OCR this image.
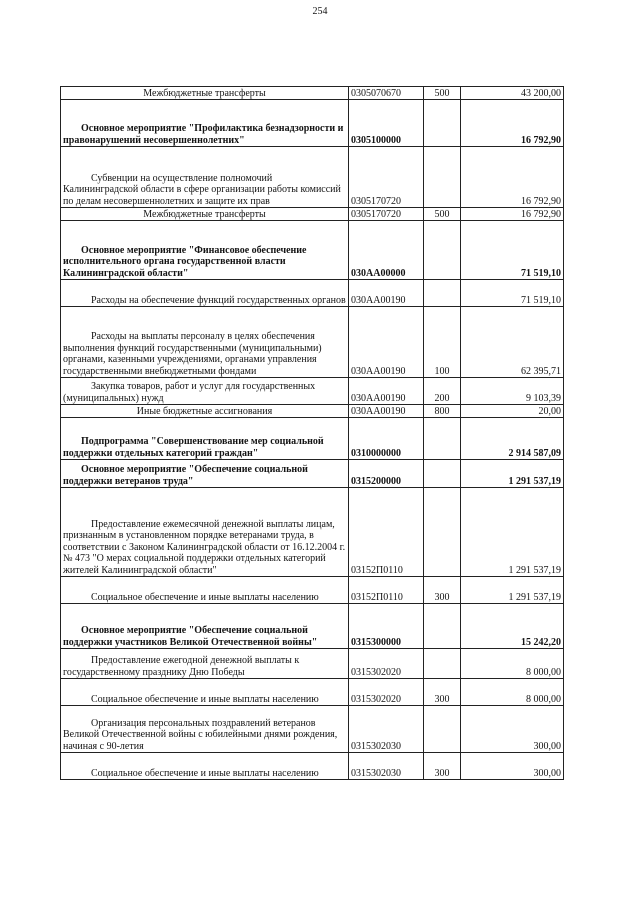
254
Межбюджетные трансферты	0305070670	500	43 200,00
Основное мероприятие "Профилактика безнадзорности и правонарушений несовершеннолетних"	0305100000		16 792,90
Субвенции на осуществление полномочий Калининградской области в сфере организации работы комиссий по делам несовершеннолетних и защите их прав	0305170720		16 792,90
Межбюджетные трансферты	0305170720	500	16 792,90
Основное мероприятие "Финансовое обеспечение исполнительного органа государственной власти Калининградской области"	030АА00000		71 519,10
Расходы на обеспечение функций государственных органов	030АА00190		71 519,10
Расходы на выплаты персоналу в целях обеспечения выполнения функций государственными (муниципальными) органами, казенными учреждениями, органами управления государственными внебюджетными фондами	030АА00190	100	62 395,71
Закупка товаров, работ и услуг для государственных (муниципальных) нужд	030АА00190	200	9 103,39
Иные бюджетные ассигнования	030АА00190	800	20,00
Подпрограмма "Совершенствование мер социальной поддержки отдельных категорий граждан"	0310000000		2 914 587,09
Основное мероприятие "Обеспечение социальной поддержки ветеранов труда"	0315200000		1 291 537,19
Предоставление ежемесячной денежной выплаты лицам, признанным в установленном порядке ветеранами труда, в соответствии с Законом Калининградской области от 16.12.2004 г. № 473 "О мерах социальной поддержки отдельных категорий жителей Калининградской области"	03152П0110		1 291 537,19
Социальное обеспечение и иные выплаты населению	03152П0110	300	1 291 537,19
Основное мероприятие "Обеспечение социальной поддержки участников Великой Отечественной войны"	0315300000		15 242,20
Предоставление ежегодной денежной выплаты к государственному празднику Дню Победы	0315302020		8 000,00
Социальное обеспечение и иные выплаты населению	0315302020	300	8 000,00
Организация персональных поздравлений ветеранов Великой Отечественной войны с юбилейными днями рождения, начиная с 90-летия	0315302030		300,00
Социальное обеспечение и иные выплаты населению	0315302030	300	300,00
